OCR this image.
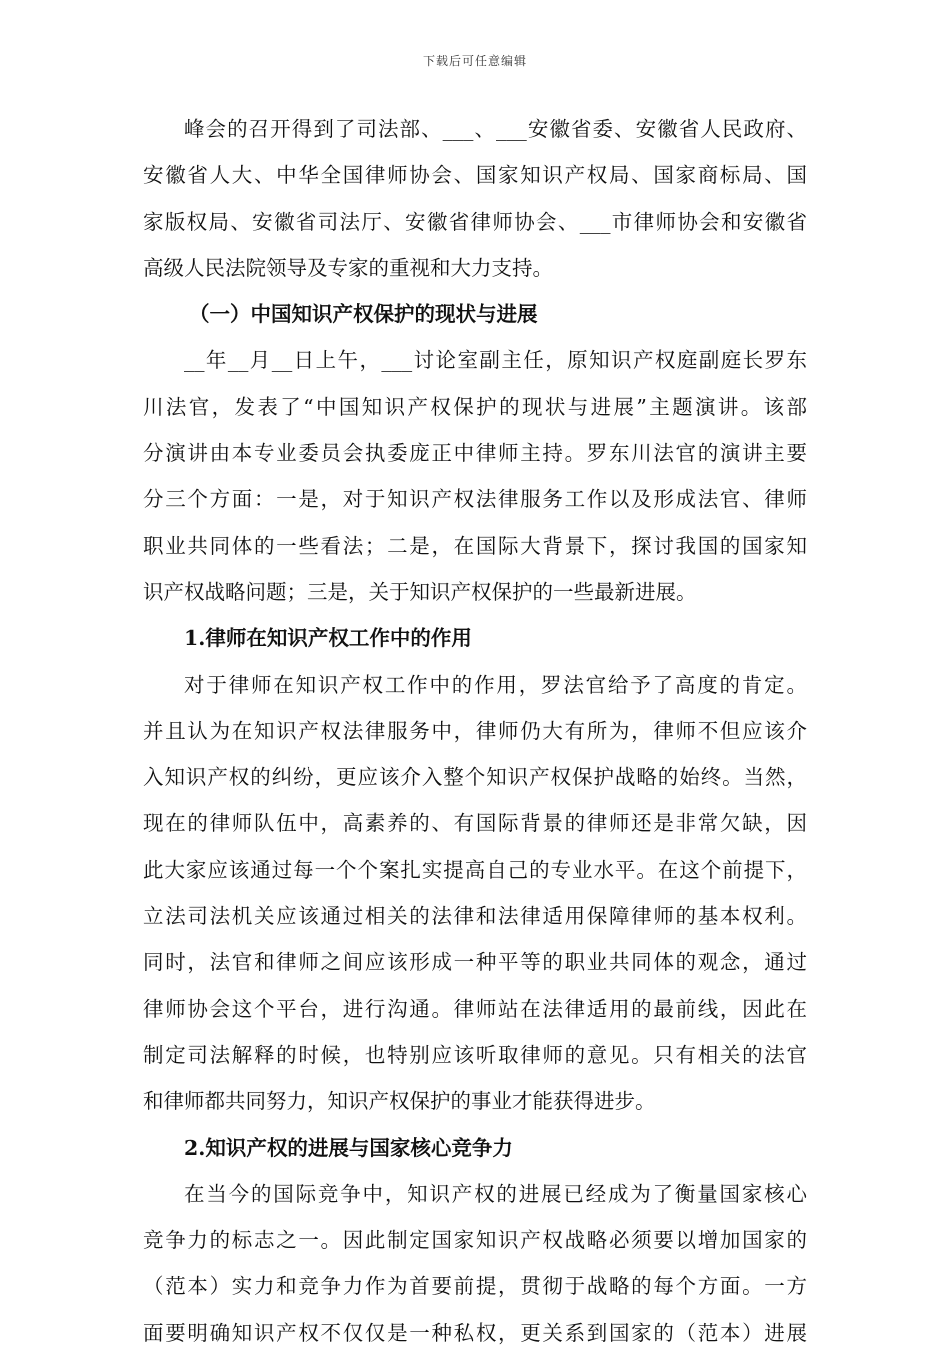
下载后可任意编辑
峰会的召开得到了司法部、___、___安徽省委、安徽省人民政府、
安徽省人大、中华全国律师协会、国家知识产权局、国家商标局、国
家版权局、安徽省司法厅、安徽省律师协会、___市律师协会和安徽省
高级人民法院领导及专家的重视和大力支持。
（一）中国知识产权保护的现状与进展
__年__月__日上午，___讨论室副主任，原知识产权庭副庭长罗东
川法官，发表了“中国知识产权保护的现状与进展”主题演讲。该部
分演讲由本专业委员会执委庞正中律师主持。罗东川法官的演讲主要
分三个方面：一是，对于知识产权法律服务工作以及形成法官、律师
职业共同体的一些看法；二是，在国际大背景下，探讨我国的国家知
识产权战略问题；三是，关于知识产权保护的一些最新进展。
1.律师在知识产权工作中的作用
对于律师在知识产权工作中的作用，罗法官给予了高度的肯定。
并且认为在知识产权法律服务中，律师仍大有所为，律师不但应该介
入知识产权的纠纷，更应该介入整个知识产权保护战略的始终。当然，
现在的律师队伍中，高素养的、有国际背景的律师还是非常欠缺，因
此大家应该通过每一个个案扎实提高自己的专业水平。在这个前提下，
立法司法机关应该通过相关的法律和法律适用保障律师的基本权利。
同时，法官和律师之间应该形成一种平等的职业共同体的观念，通过
律师协会这个平台，进行沟通。律师站在法律适用的最前线，因此在
制定司法解释的时候，也特别应该听取律师的意见。只有相关的法官
和律师都共同努力，知识产权保护的事业才能获得进步。
2.知识产权的进展与国家核心竞争力
在当今的国际竞争中，知识产权的进展已经成为了衡量国家核心
竞争力的标志之一。因此制定国家知识产权战略必须要以增加国家的
（范本）实力和竞争力作为首要前提，贯彻于战略的每个方面。一方
面要明确知识产权不仅仅是一种私权，更关系到国家的（范本）进展
